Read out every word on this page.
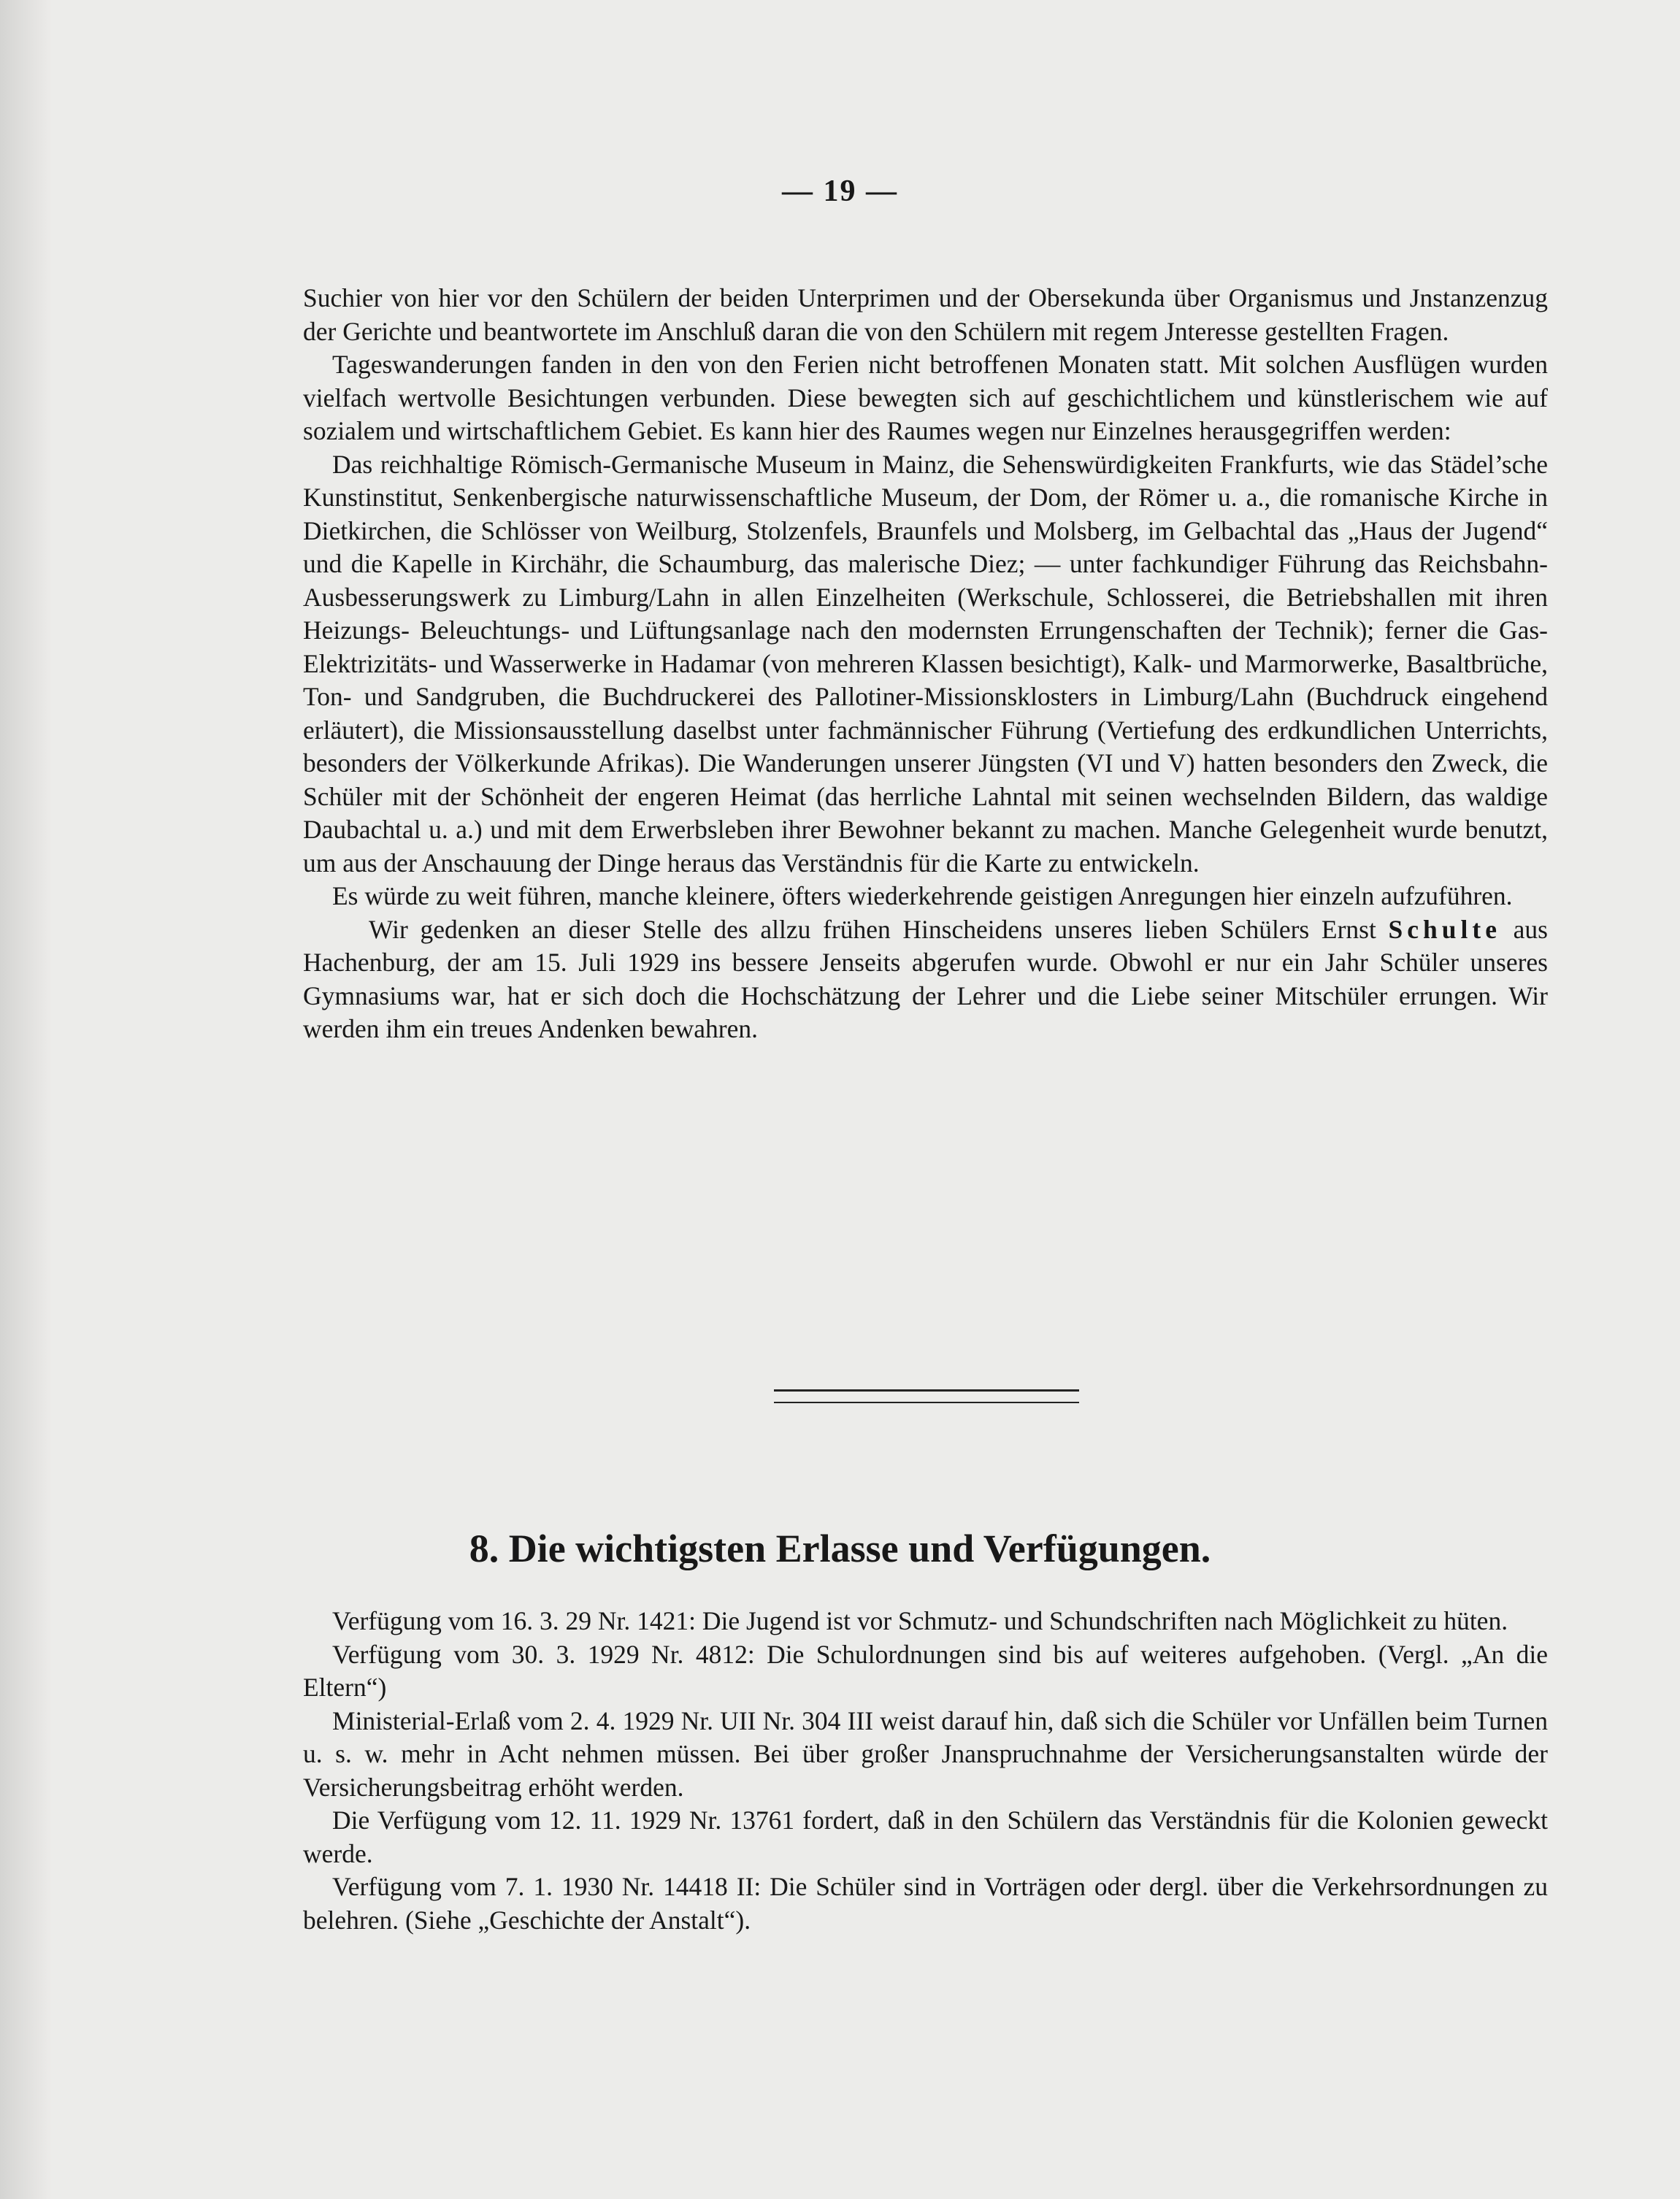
— 19 —

Suchier von hier vor den Schülern der beiden Unterprimen und der Obersekunda über Organismus und Jnstanzenzug der Gerichte und beantwortete im Anschluß daran die von den Schülern mit regem Jnteresse gestellten Fragen.

Tageswanderungen fanden in den von den Ferien nicht betroffenen Monaten statt. Mit solchen Ausflügen wurden vielfach wertvolle Besichtungen verbunden. Diese bewegten sich auf geschichtlichem und künstlerischem wie auf sozialem und wirtschaftlichem Gebiet. Es kann hier des Raumes wegen nur Einzelnes herausgegriffen werden:

Das reichhaltige Römisch-Germanische Museum in Mainz, die Sehenswürdigkeiten Frankfurts, wie das Städel’sche Kunstinstitut, Senkenbergische naturwissenschaftliche Museum, der Dom, der Römer u. a., die romanische Kirche in Dietkirchen, die Schlösser von Weilburg, Stolzenfels, Braunfels und Molsberg, im Gelbachtal das „Haus der Jugend“ und die Kapelle in Kirchähr, die Schaumburg, das malerische Diez; — unter fachkundiger Führung das Reichsbahn-Ausbesserungswerk zu Limburg/Lahn in allen Einzelheiten (Werkschule, Schlosserei, die Betriebshallen mit ihren Heizungs- Beleuchtungs- und Lüftungsanlage nach den modernsten Errungenschaften der Technik); ferner die Gas- Elektrizitäts- und Wasserwerke in Hadamar (von mehreren Klassen besichtigt), Kalk- und Marmorwerke, Basaltbrüche, Ton- und Sandgruben, die Buchdruckerei des Pallotiner-Missionsklosters in Limburg/Lahn (Buchdruck eingehend erläutert), die Missionsausstellung daselbst unter fachmännischer Führung (Vertiefung des erdkundlichen Unterrichts, besonders der Völkerkunde Afrikas). Die Wanderungen unserer Jüngsten (VI und V) hatten besonders den Zweck, die Schüler mit der Schönheit der engeren Heimat (das herrliche Lahntal mit seinen wechselnden Bildern, das waldige Daubachtal u. a.) und mit dem Erwerbsleben ihrer Bewohner bekannt zu machen. Manche Gelegenheit wurde benutzt, um aus der Anschauung der Dinge heraus das Verständnis für die Karte zu entwickeln.

Es würde zu weit führen, manche kleinere, öfters wiederkehrende geistigen Anregungen hier einzeln aufzuführen.

Wir gedenken an dieser Stelle des allzu frühen Hinscheidens unseres lieben Schülers Ernst Schulte aus Hachenburg, der am 15. Juli 1929 ins bessere Jenseits abgerufen wurde. Obwohl er nur ein Jahr Schüler unseres Gymnasiums war, hat er sich doch die Hochschätzung der Lehrer und die Liebe seiner Mitschüler errungen. Wir werden ihm ein treues Andenken bewahren.

8. Die wichtigsten Erlasse und Verfügungen.

Verfügung vom 16. 3. 29 Nr. 1421: Die Jugend ist vor Schmutz- und Schundschriften nach Möglichkeit zu hüten.

Verfügung vom 30. 3. 1929 Nr. 4812: Die Schulordnungen sind bis auf weiteres aufgehoben. (Vergl. „An die Eltern“)

Ministerial-Erlaß vom 2. 4. 1929 Nr. UII Nr. 304 III weist darauf hin, daß sich die Schüler vor Unfällen beim Turnen u. s. w. mehr in Acht nehmen müssen. Bei über großer Jnanspruchnahme der Versicherungsanstalten würde der Versicherungsbeitrag erhöht werden.

Die Verfügung vom 12. 11. 1929 Nr. 13761 fordert, daß in den Schülern das Verständnis für die Kolonien geweckt werde.

Verfügung vom 7. 1. 1930 Nr. 14418 II: Die Schüler sind in Vorträgen oder dergl. über die Verkehrsordnungen zu belehren. (Siehe „Geschichte der Anstalt“).
